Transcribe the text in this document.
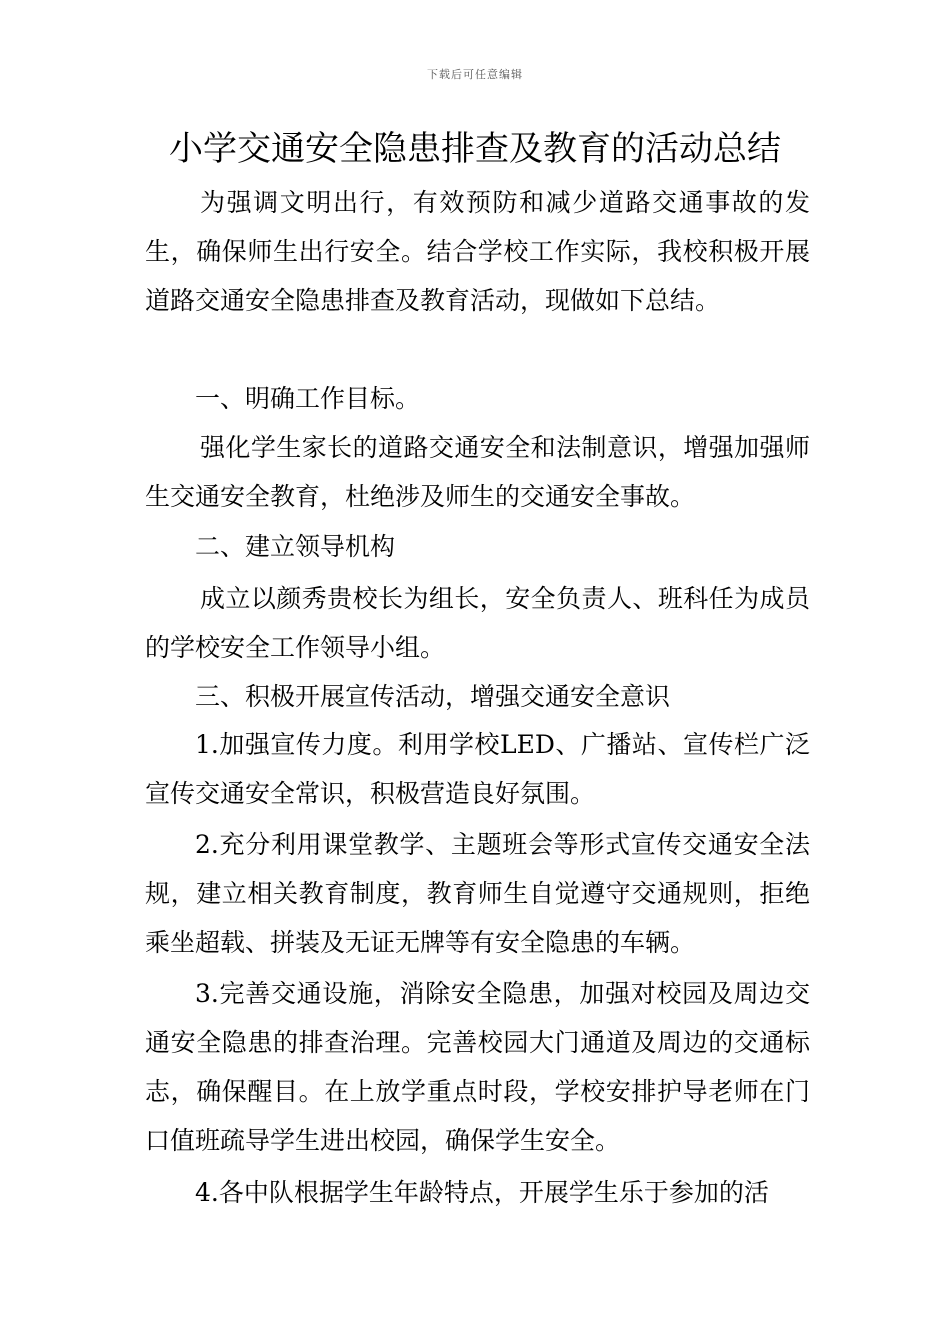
下载后可任意编辑
小学交通安全隐患排查及教育的活动总结

为强调文明出行，有效预防和减少道路交通事故的发生，确保师生出行安全。结合学校工作实际，我校积极开展道路交通安全隐患排查及教育活动，现做如下总结。

一、明确工作目标。

强化学生家长的道路交通安全和法制意识，增强加强师生交通安全教育，杜绝涉及师生的交通安全事故。

二、建立领导机构

成立以颜秀贵校长为组长，安全负责人、班科任为成员的学校安全工作领导小组。

三、积极开展宣传活动，增强交通安全意识

1.加强宣传力度。利用学校LED、广播站、宣传栏广泛宣传交通安全常识，积极营造良好氛围。

2.充分利用课堂教学、主题班会等形式宣传交通安全法规，建立相关教育制度，教育师生自觉遵守交通规则，拒绝乘坐超载、拼装及无证无牌等有安全隐患的车辆。

3.完善交通设施，消除安全隐患，加强对校园及周边交通安全隐患的排查治理。完善校园大门通道及周边的交通标志，确保醒目。在上放学重点时段，学校安排护导老师在门口值班疏导学生进出校园，确保学生安全。

4.各中队根据学生年龄特点，开展学生乐于参加的活
